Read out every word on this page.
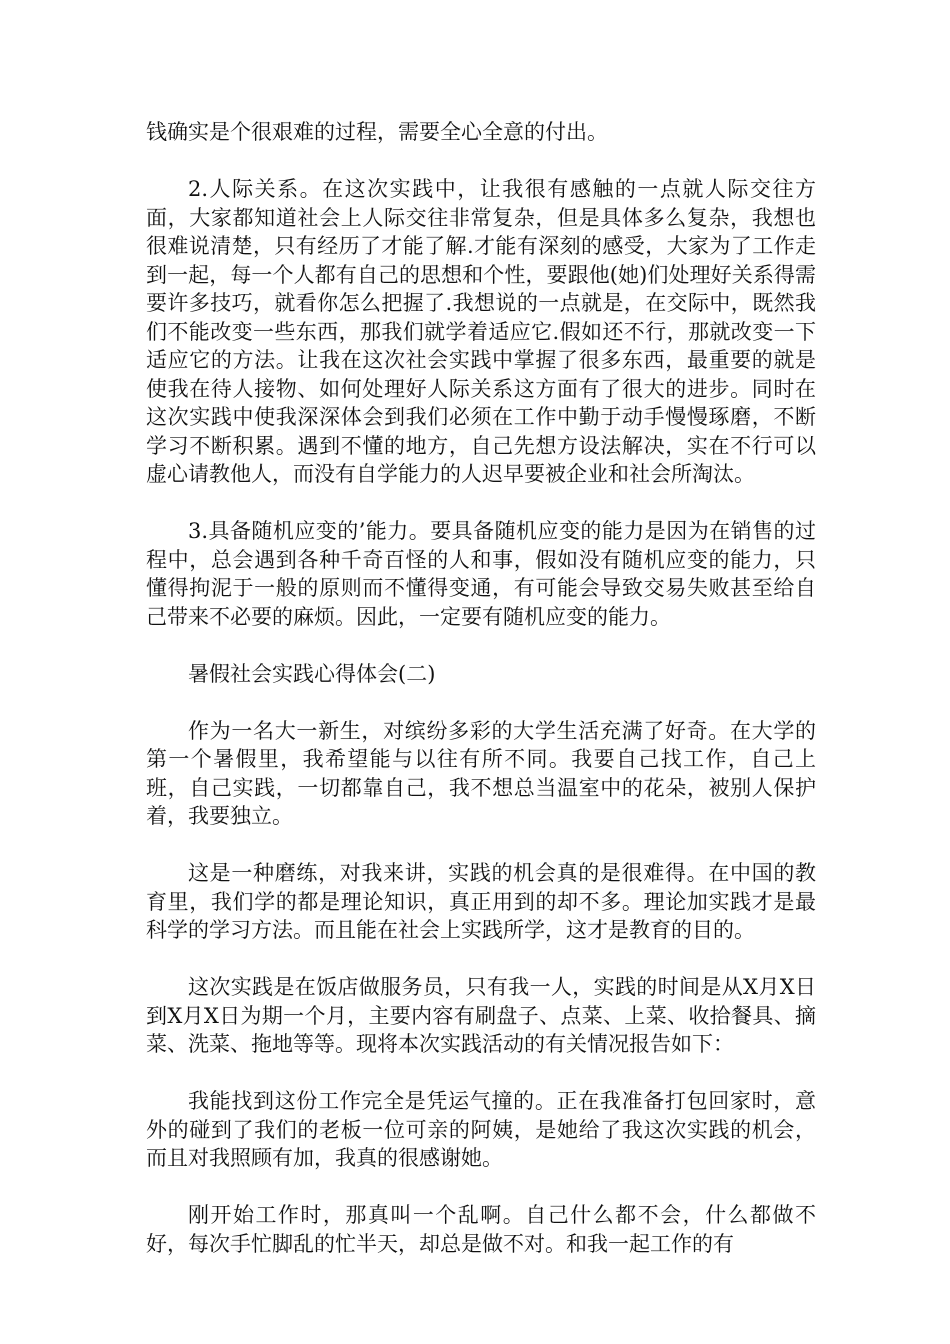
钱确实是个很艰难的过程，需要全心全意的付出。

2.人际关系。在这次实践中，让我很有感触的一点就人际交往方面，大家都知道社会上人际交往非常复杂，但是具体多么复杂，我想也很难说清楚，只有经历了才能了解.才能有深刻的感受，大家为了工作走到一起，每一个人都有自己的思想和个性，要跟他(她)们处理好关系得需要许多技巧，就看你怎么把握了.我想说的一点就是，在交际中，既然我们不能改变一些东西，那我们就学着适应它.假如还不行，那就改变一下适应它的方法。让我在这次社会实践中掌握了很多东西，最重要的就是使我在待人接物、如何处理好人际关系这方面有了很大的进步。同时在这次实践中使我深深体会到我们必须在工作中勤于动手慢慢琢磨，不断学习不断积累。遇到不懂的地方，自己先想方设法解决，实在不行可以虚心请教他人，而没有自学能力的人迟早要被企业和社会所淘汰。

3.具备随机应变的’能力。要具备随机应变的能力是因为在销售的过程中，总会遇到各种千奇百怪的人和事，假如没有随机应变的能力，只懂得拘泥于一般的原则而不懂得变通，有可能会导致交易失败甚至给自己带来不必要的麻烦。因此，一定要有随机应变的能力。

暑假社会实践心得体会(二)

作为一名大一新生，对缤纷多彩的大学生活充满了好奇。在大学的第一个暑假里，我希望能与以往有所不同。我要自己找工作，自己上班，自己实践，一切都靠自己，我不想总当温室中的花朵，被别人保护着，我要独立。

这是一种磨练，对我来讲，实践的机会真的是很难得。在中国的教育里，我们学的都是理论知识，真正用到的却不多。理论加实践才是最科学的学习方法。而且能在社会上实践所学，这才是教育的目的。

这次实践是在饭店做服务员，只有我一人，实践的时间是从X月X日到X月X日为期一个月，主要内容有刷盘子、点菜、上菜、收拾餐具、摘菜、洗菜、拖地等等。现将本次实践活动的有关情况报告如下：

我能找到这份工作完全是凭运气撞的。正在我准备打包回家时，意外的碰到了我们的老板一位可亲的阿姨，是她给了我这次实践的机会，而且对我照顾有加，我真的很感谢她。

刚开始工作时，那真叫一个乱啊。自己什么都不会，什么都做不好，每次手忙脚乱的忙半天，却总是做不对。和我一起工作的有
